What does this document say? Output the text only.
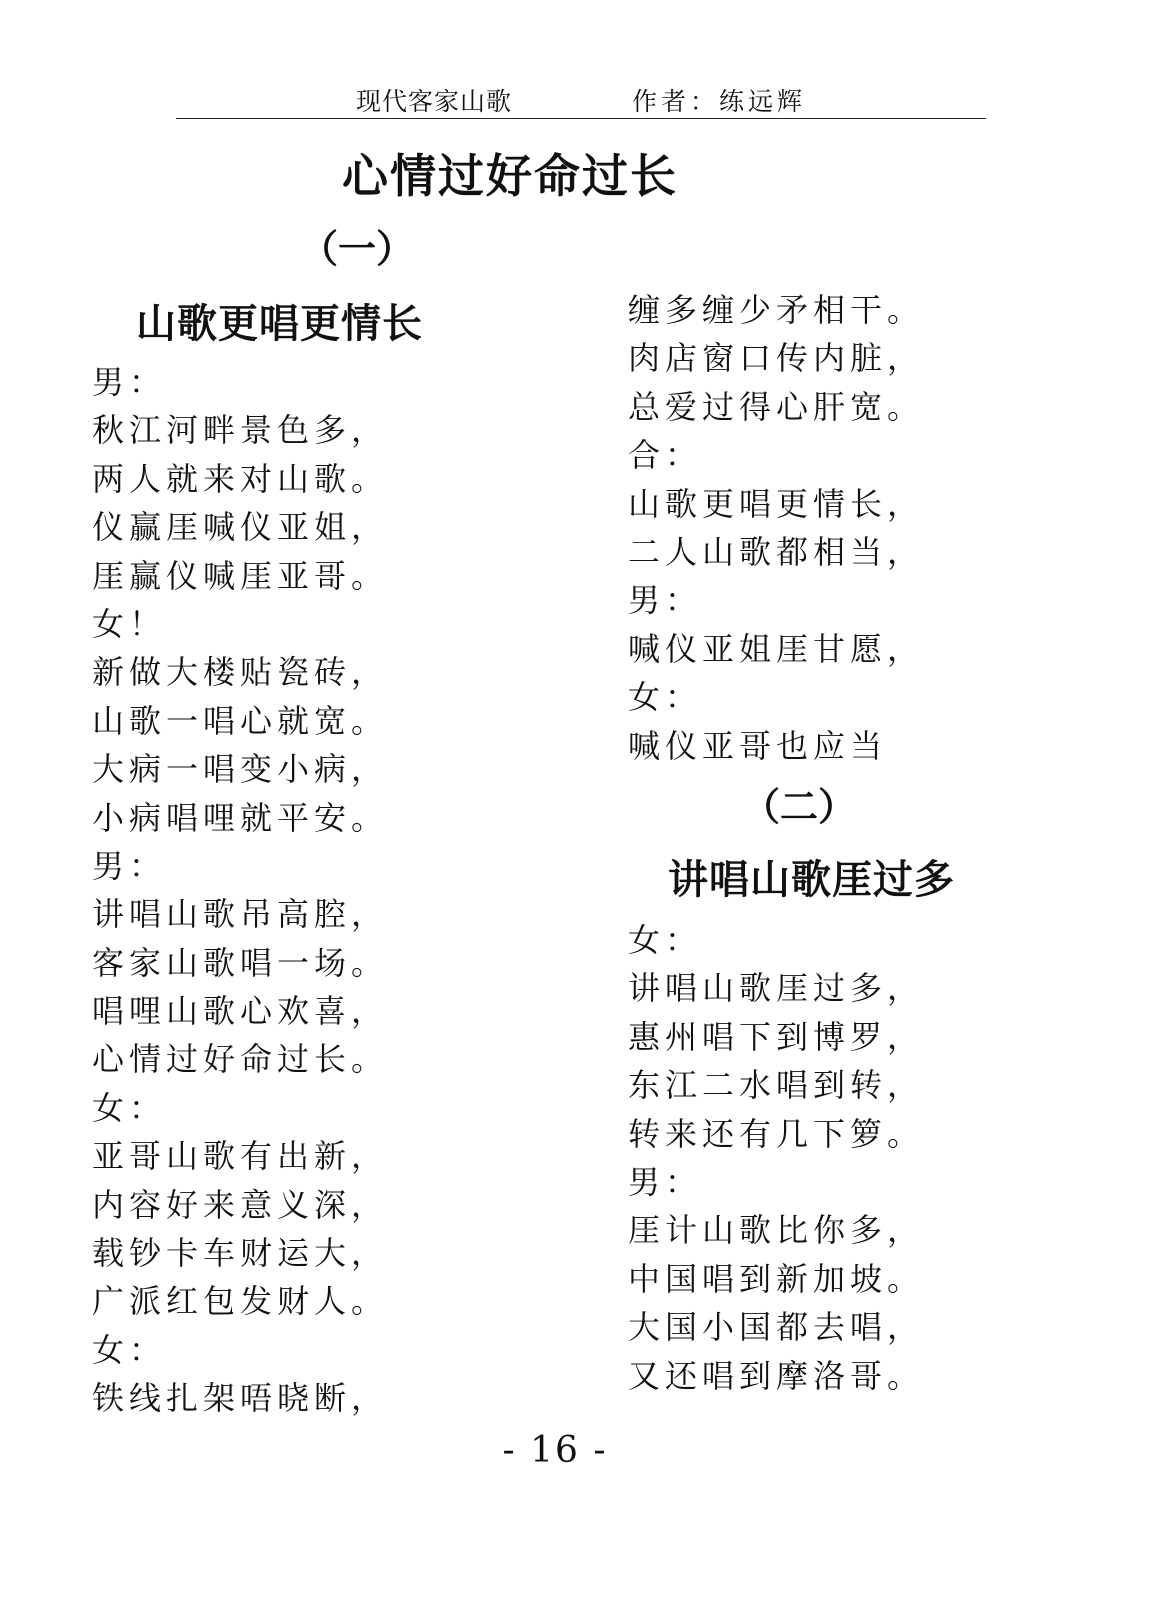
现代客家山歌	作者：练远辉
心情过好命过长
（一）
山歌更唱更情长
男：
秋江河畔景色多，
两人就来对山歌。
仪赢厓喊仪亚姐，
厓赢仪喊厓亚哥。
女！
新做大楼贴瓷砖，
山歌一唱心就宽。
大病一唱变小病，
小病唱哩就平安。
男：
讲唱山歌吊高腔，
客家山歌唱一场。
唱哩山歌心欢喜，
心情过好命过长。
女：
亚哥山歌有出新，
内容好来意义深，
载钞卡车财运大，
广派红包发财人。
女：
铁线扎架唔晓断，
缠多缠少矛相干。
肉店窗口传内脏，
总爱过得心肝宽。
合：
山歌更唱更情长，
二人山歌都相当，
男：
喊仪亚姐厓甘愿，
女：
喊仪亚哥也应当
（二）
讲唱山歌厓过多
女：
讲唱山歌厓过多，
惠州唱下到博罗，
东江二水唱到转，
转来还有几下箩。
男：
厓计山歌比你多，
中国唱到新加坡。
大国小国都去唱，
又还唱到摩洛哥。
- 16 -
